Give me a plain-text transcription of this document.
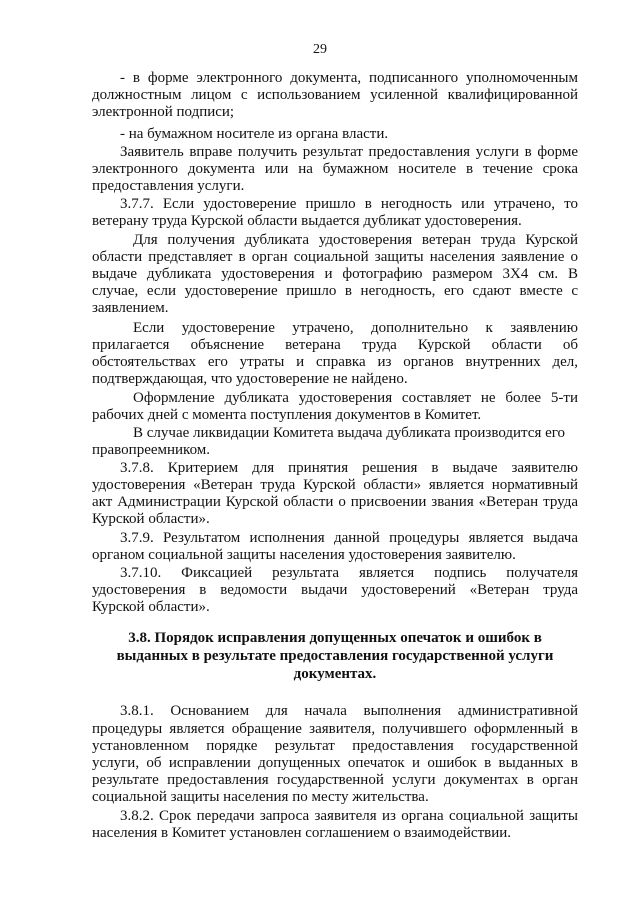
29
- в форме электронного документа, подписанного уполномоченным
должностным лицом с использованием усиленной квалифицированной
электронной подписи;
- на бумажном носителе из органа власти.
Заявитель вправе получить результат предоставления услуги в форме
электронного документа или на бумажном носителе в течение срока
предоставления услуги.
3.7.7. Если удостоверение пришло в негодность или утрачено, то
ветерану труда Курской области выдается дубликат удостоверения.
Для получения дубликата удостоверения ветеран труда Курской
области представляет в орган социальной защиты населения заявление о
выдаче дубликата удостоверения и фотографию размером 3Х4 см. В
случае, если удостоверение пришло в негодность, его сдают вместе с
заявлением.
Если удостоверение утрачено, дополнительно к заявлению
прилагается объяснение ветерана труда Курской области об
обстоятельствах его утраты и справка из органов внутренних дел,
подтверждающая, что удостоверение не найдено.
Оформление дубликата удостоверения составляет не более 5-ти
рабочих дней с момента поступления документов в Комитет.
В случае ликвидации Комитета выдача дубликата производится его
правопреемником.
3.7.8. Критерием для принятия решения в выдаче заявителю
удостоверения «Ветеран труда Курской области» является нормативный
акт Администрации Курской области о присвоении звания «Ветеран труда
Курской области».
3.7.9. Результатом исполнения данной процедуры является выдача
органом социальной защиты населения удостоверения заявителю.
3.7.10. Фиксацией результата является подпись получателя
удостоверения в ведомости выдачи удостоверений «Ветеран труда
Курской области».
3.8. Порядок исправления допущенных опечаток и ошибок в
выданных в результате предоставления государственной услуги
документах.
3.8.1. Основанием для начала выполнения административной
процедуры является обращение заявителя, получившего оформленный в
установленном порядке результат предоставления государственной
услуги, об исправлении допущенных опечаток и ошибок в выданных в
результате предоставления государственной услуги документах в орган
социальной защиты населения по месту жительства.
3.8.2. Срок передачи запроса заявителя из органа социальной защиты
населения в Комитет установлен соглашением о взаимодействии.
